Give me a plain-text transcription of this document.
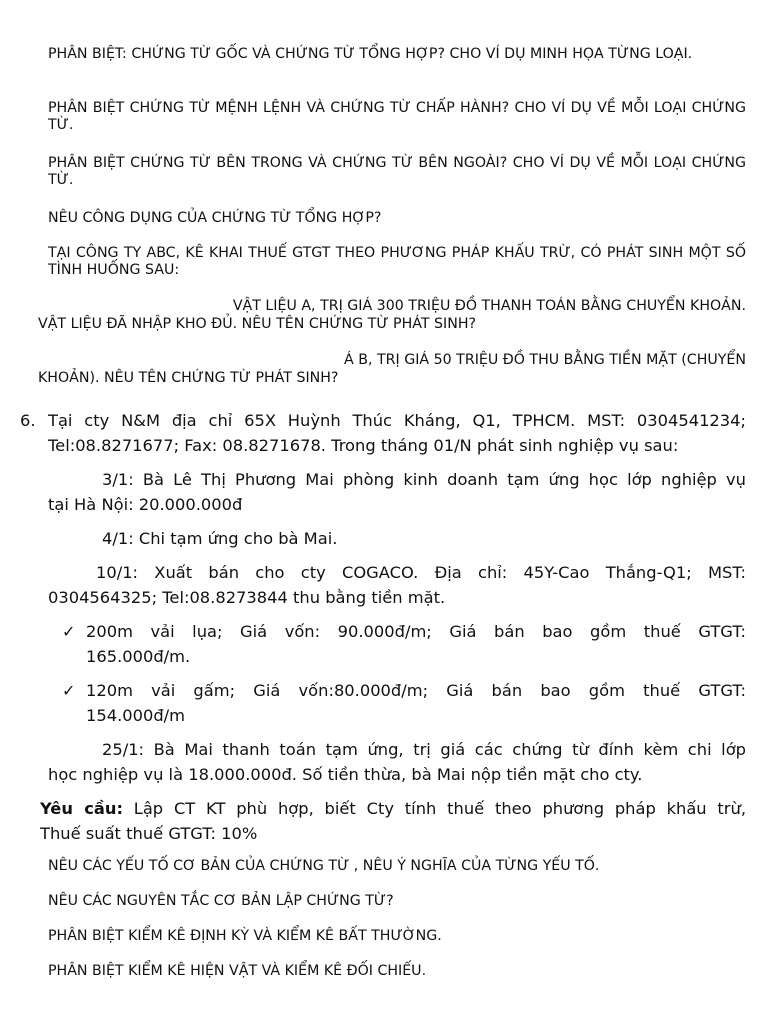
PHÂN BIỆT: CHỨNG TỪ GỐC VÀ CHỨNG TỪ TỔNG HỢP? CHO VÍ DỤ MINH HỌA TỪNG LOẠI.
PHÂN BIỆT CHỨNG TỪ MỆNH LỆNH VÀ CHỨNG TỪ CHẤP HÀNH? CHO VÍ DỤ VỀ MỖI LOẠI CHỨNG TỪ.
PHÂN BIỆT CHỨNG TỪ BÊN TRONG VÀ CHỨNG TỪ BÊN NGOÀI? CHO VÍ DỤ VỀ MỖI LOẠI CHỨNG TỪ.
NÊU CÔNG DỤNG CỦA CHỨNG TỪ TỔNG HỢP?
TẠI CÔNG TY ABC, KÊ KHAI THUẾ GTGT THEO PHƯƠNG PHÁP KHẤU TRỪ, CÓ PHÁT SINH MỘT SỐ TÌNH HUỐNG SAU:
VẬT LIỆU A, TRỊ GIÁ 300 TRIỆU ĐỒ THANH TOÁN BẰNG CHUYỂN KHOẢN.
VẬT LIỆU ĐÃ NHẬP KHO ĐỦ. NÊU TÊN CHỨNG TỪ PHÁT SINH?
Á B, TRỊ GIÁ 50 TRIỆU ĐỒ THU BẰNG TIỀN MẶT (CHUYỂN
KHOẢN). NÊU TÊN CHỨNG TỪ PHÁT SINH?
6. Tại cty N&M địa chỉ 65X Huỳnh Thúc Kháng, Q1, TPHCM. MST: 0304541234;
Tel:08.8271677; Fax: 08.8271678. Trong tháng 01/N phát sinh nghiệp vụ sau:
3/1: Bà Lê Thị Phương Mai phòng kinh doanh tạm ứng học lớp nghiệp vụ
tại Hà Nội: 20.000.000đ
4/1: Chi tạm ứng cho bà Mai.
10/1: Xuất bán cho cty COGACO. Địa chỉ: 45Y-Cao Thắng-Q1; MST:
0304564325; Tel:08.8273844 thu bằng tiền mặt.
✓ 200m vải lụa; Giá vốn: 90.000đ/m; Giá bán bao gồm thuế GTGT:
165.000đ/m.
✓ 120m vải gấm; Giá vốn:80.000đ/m; Giá bán bao gồm thuế GTGT:
154.000đ/m
25/1: Bà Mai thanh toán tạm ứng, trị giá các chứng từ đính kèm chi lớp
học nghiệp vụ là 18.000.000đ. Số tiền thừa, bà Mai nộp tiền mặt cho cty.
Yêu cầu: Lập CT KT phù hợp, biết Cty tính thuế theo phương pháp khấu trừ,
Thuế suất thuế GTGT: 10%
NÊU CÁC YẾU TỐ CƠ BẢN CỦA CHỨNG TỪ , NÊU Ý NGHĨA CỦA TỪNG YẾU TỐ.
NÊU CÁC NGUYÊN TẮC CƠ BẢN LẬP CHỨNG TỪ?
PHÂN BIỆT KIỂM KÊ ĐỊNH KỲ VÀ KIỂM KÊ BẤT THƯỜNG.
PHÂN BIỆT KIỂM KÊ HIỆN VẬT VÀ KIỂM KÊ ĐỐI CHIẾU.
